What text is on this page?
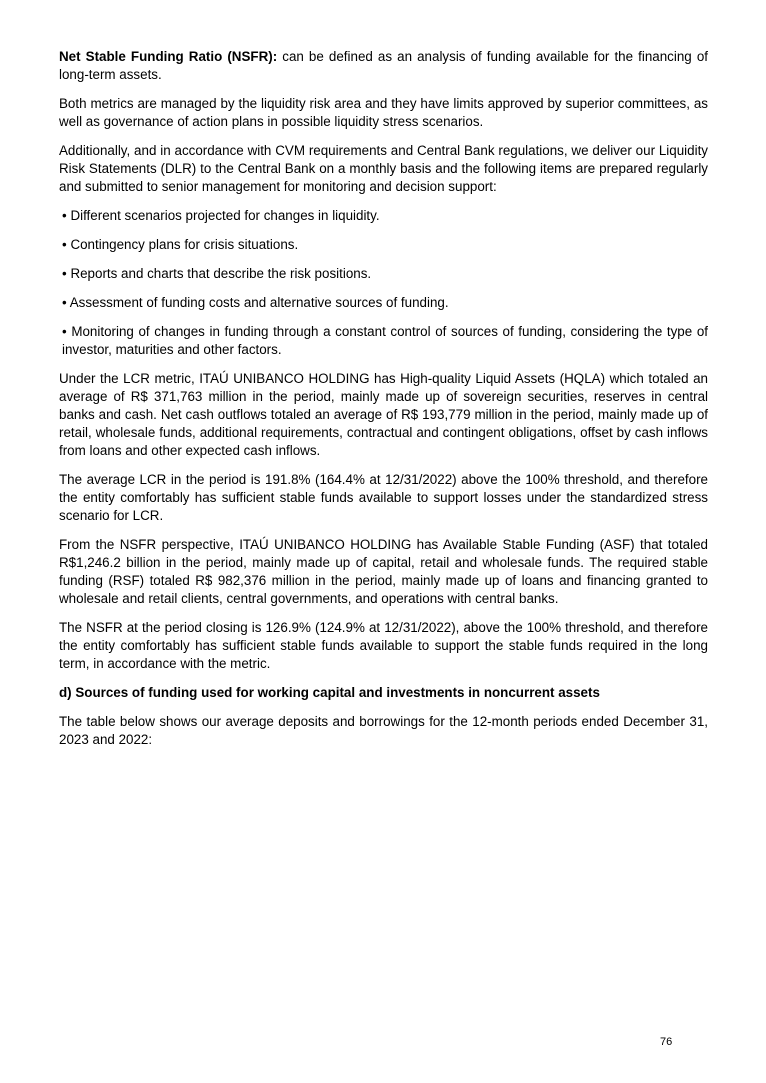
Net Stable Funding Ratio (NSFR): can be defined as an analysis of funding available for the financing of long-term assets.

Both metrics are managed by the liquidity risk area and they have limits approved by superior committees, as well as governance of action plans in possible liquidity stress scenarios.

Additionally, and in accordance with CVM requirements and Central Bank regulations, we deliver our Liquidity Risk Statements (DLR) to the Central Bank on a monthly basis and the following items are prepared regularly and submitted to senior management for monitoring and decision support:

• Different scenarios projected for changes in liquidity.

• Contingency plans for crisis situations.

• Reports and charts that describe the risk positions.

• Assessment of funding costs and alternative sources of funding.

• Monitoring of changes in funding through a constant control of sources of funding, considering the type of investor, maturities and other factors.

Under the LCR metric, ITAÚ UNIBANCO HOLDING has High-quality Liquid Assets (HQLA) which totaled an average of R$ 371,763 million in the period, mainly made up of sovereign securities, reserves in central banks and cash. Net cash outflows totaled an average of R$ 193,779 million in the period, mainly made up of retail, wholesale funds, additional requirements, contractual and contingent obligations, offset by cash inflows from loans and other expected cash inflows.

The average LCR in the period is 191.8% (164.4% at 12/31/2022) above the 100% threshold, and therefore the entity comfortably has sufficient stable funds available to support losses under the standardized stress scenario for LCR.

From the NSFR perspective, ITAÚ UNIBANCO HOLDING has Available Stable Funding (ASF) that totaled R$1,246.2 billion in the period, mainly made up of capital, retail and wholesale funds. The required stable funding (RSF) totaled R$ 982,376 million in the period, mainly made up of loans and financing granted to wholesale and retail clients, central governments, and operations with central banks.

The NSFR at the period closing is 126.9% (124.9% at 12/31/2022), above the 100% threshold, and therefore the entity comfortably has sufficient stable funds available to support the stable funds required in the long term, in accordance with the metric.

d) Sources of funding used for working capital and investments in noncurrent assets

The table below shows our average deposits and borrowings for the 12-month periods ended December 31, 2023 and 2022:

76
